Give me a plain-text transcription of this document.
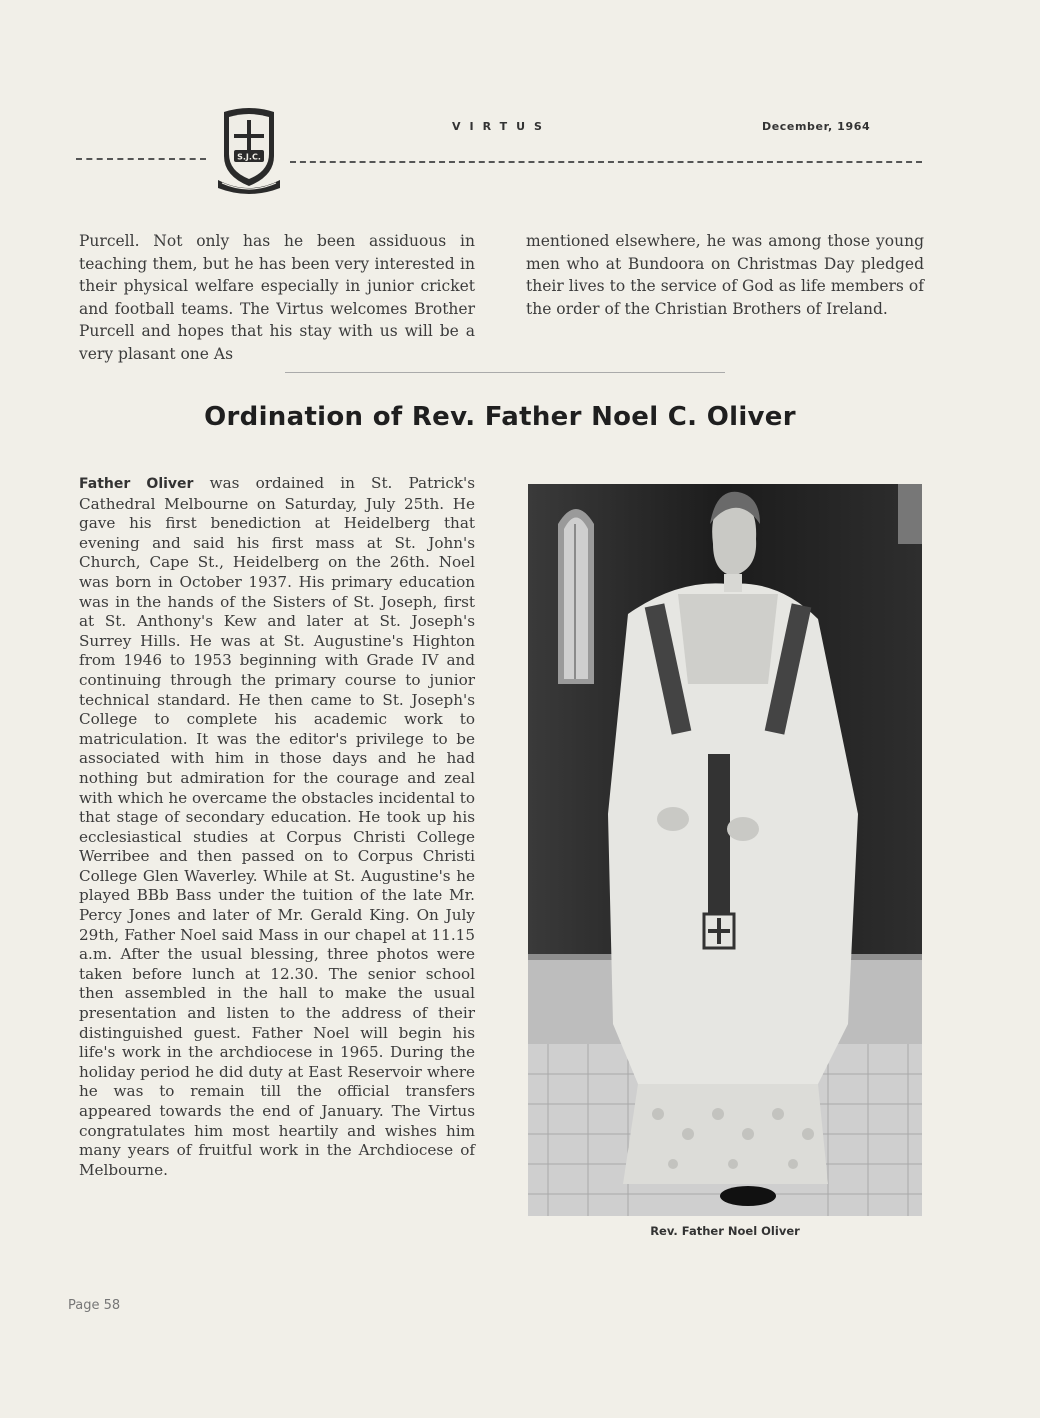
S.J.C.
VIRTUS	December, 1964

Purcell. Not only has he been assiduous in teaching them, but he has been very interested in their physical welfare especially in junior cricket and football teams. The Virtus welcomes Brother Purcell and hopes that his stay with us will be a very plasant one As

mentioned elsewhere, he was among those young men who at Bundoora on Christmas Day pledged their lives to the service of God as life members of the order of the Christian Brothers of Ireland.

Ordination of Rev. Father Noel C. Oliver

Father Oliver was ordained in St. Patrick's Cathedral Melbourne on Saturday, July 25th. He gave his first benediction at Heidelberg that evening and said his first mass at St. John's Church, Cape St., Heidelberg on the 26th. Noel was born in October 1937. His primary education was in the hands of the Sisters of St. Joseph, first at St. Anthony's Kew and later at St. Joseph's Surrey Hills. He was at St. Augustine's Highton from 1946 to 1953 beginning with Grade IV and continuing through the primary course to junior technical standard. He then came to St. Joseph's College to complete his academic work to matriculation. It was the editor's privilege to be associated with him in those days and he had nothing but admiration for the courage and zeal with which he overcame the obstacles incidental to that stage of secondary education. He took up his ecclesiastical studies at Corpus Christi College Werribee and then passed on to Corpus Christi College Glen Waverley. While at St. Augustine's he played BBb Bass under the tuition of the late Mr. Percy Jones and later of Mr. Gerald King. On July 29th, Father Noel said Mass in our chapel at 11.15 a.m. After the usual blessing, three photos were taken before lunch at 12.30. The senior school then assembled in the hall to make the usual presentation and listen to the address of their distinguished guest. Father Noel will begin his life's work in the archdiocese in 1965. During the holiday period he did duty at East Reservoir where he was to remain till the official transfers appeared towards the end of January. The Virtus congratulates him most heartily and wishes him many years of fruitful work in the Archdiocese of Melbourne.

Rev. Father Noel Oliver
Page 58
